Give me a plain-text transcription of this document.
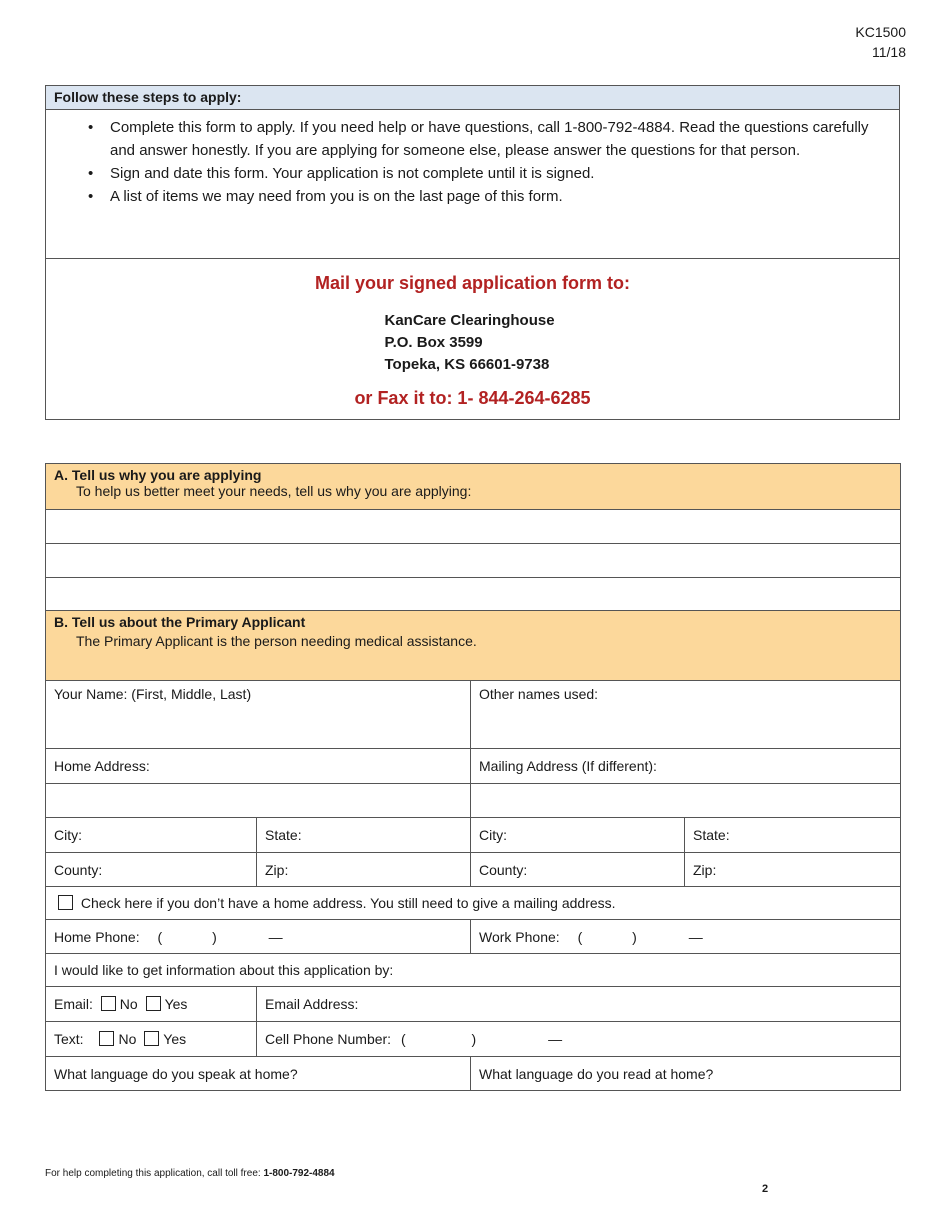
KC1500
11/18
Follow these steps to apply:
• Complete this form to apply. If you need help or have questions, call 1-800-792-4884. Read the questions carefully and answer honestly. If you are applying for someone else, please answer the questions for that person.
• Sign and date this form. Your application is not complete until it is signed.
• A list of items we may need from you is on the last page of this form.
Mail your signed application form to:
KanCare Clearinghouse
P.O. Box 3599
Topeka, KS 66601-9738
or Fax it to: 1- 844-264-6285
A. Tell us why you are applying
To help us better meet your needs, tell us why you are applying:			

B. Tell us about the Primary Applicant
The Primary Applicant is the person needing medical assistance.			

Your Name: (First, Middle, Last)		Other names used:	
Home Address:		Mailing Address (If different):	

City:	State:	City:	State:
County:	Zip:	County:	Zip:
Check here if you don’t have a home address. You still need to give a mailing address.			
Home Phone: ( ) —		Work Phone: ( ) —	
I would like to get information about this application by:			
Email: No Yes	Email Address:		
Text: No Yes	Cell Phone Number: ( ) —		
What language do you speak at home?		What language do you read at home?	
For help completing this application, call toll free: 1-800-792-4884
2
